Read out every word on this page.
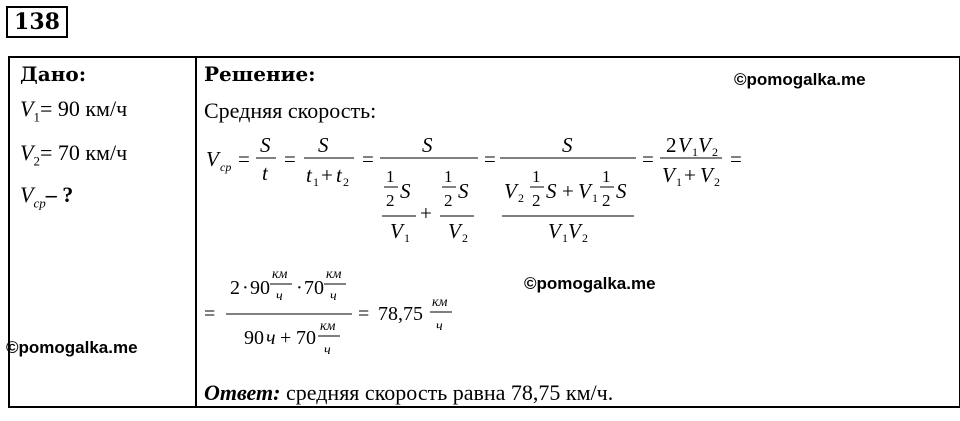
138
Дано:
$V_1= 90$ км/ч
$V_2= 70$ км/ч
$V_{ср}-$ ?
Решение:
Средняя скорость:
V ср =
S
t
=
S
t 1 + t 2
=
S
1
2 S
V 1
+
1
2 S
V 2
=
S
V 2
1
2 S + V 1
1
2 S
V 1 V 2
=
2 V 1 V 2
V 1 + V 2
=
=
2 · 90
км
ч · 70
км
ч
90 ч + 70
км
ч
= 78,75
км
ч
Ответ: средняя скорость равна 78,75 км/ч.
©pomogalka.me
©pomogalka.me
©pomogalka.me
